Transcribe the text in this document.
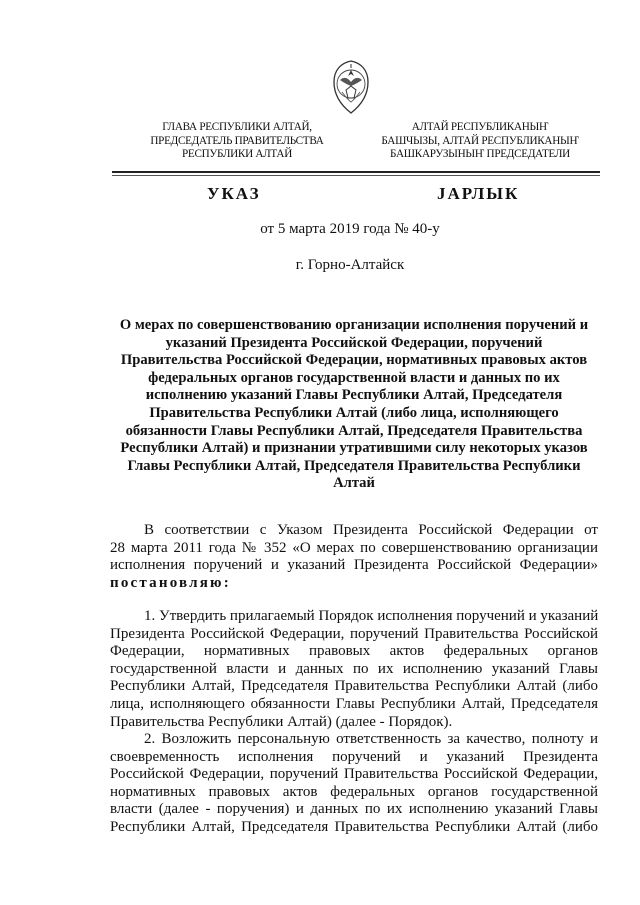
ГЛАВА РЕСПУБЛИКИ АЛТАЙ,
ПРЕДСЕДАТЕЛЬ ПРАВИТЕЛЬСТВА
РЕСПУБЛИКИ АЛТАЙ
АЛТАЙ РЕСПУБЛИКАНЫҤ
БАШЧЫЗЫ, АЛТАЙ РЕСПУБЛИКАНЫҤ
БАШКАРУЗЫНЫҤ ПРЕДСЕДАТЕЛИ
УКАЗ	JАРЛЫК
от 5 марта 2019 года № 40-у
г. Горно-Алтайск
О мерах по совершенствованию организации исполнения поручений и
указаний Президента Российской Федерации, поручений
Правительства Российской Федерации, нормативных правовых актов
федеральных органов государственной власти и данных по их
исполнению указаний Главы Республики Алтай, Председателя
Правительства Республики Алтай (либо лица, исполняющего
обязанности Главы Республики Алтай, Председателя Правительства
Республики Алтай) и признании утратившими силу некоторых указов
Главы Республики Алтай, Председателя Правительства Республики
Алтай
В соответствии с Указом Президента Российской Федерации от
28 марта 2011 года № 352 «О мерах по совершенствованию организации
исполнения поручений и указаний Президента Российской Федерации»
постановляю:
1. Утвердить прилагаемый Порядок исполнения поручений и указаний
Президента Российской Федерации, поручений Правительства Российской
Федерации, нормативных правовых актов федеральных органов
государственной власти и данных по их исполнению указаний Главы
Республики Алтай, Председателя Правительства Республики Алтай (либо
лица, исполняющего обязанности Главы Республики Алтай, Председателя
Правительства Республики Алтай) (далее - Порядок).
2. Возложить персональную ответственность за качество, полноту и
своевременность исполнения поручений и указаний Президента
Российской Федерации, поручений Правительства Российской Федерации,
нормативных правовых актов федеральных органов государственной
власти (далее - поручения) и данных по их исполнению указаний Главы
Республики Алтай, Председателя Правительства Республики Алтай (либо
